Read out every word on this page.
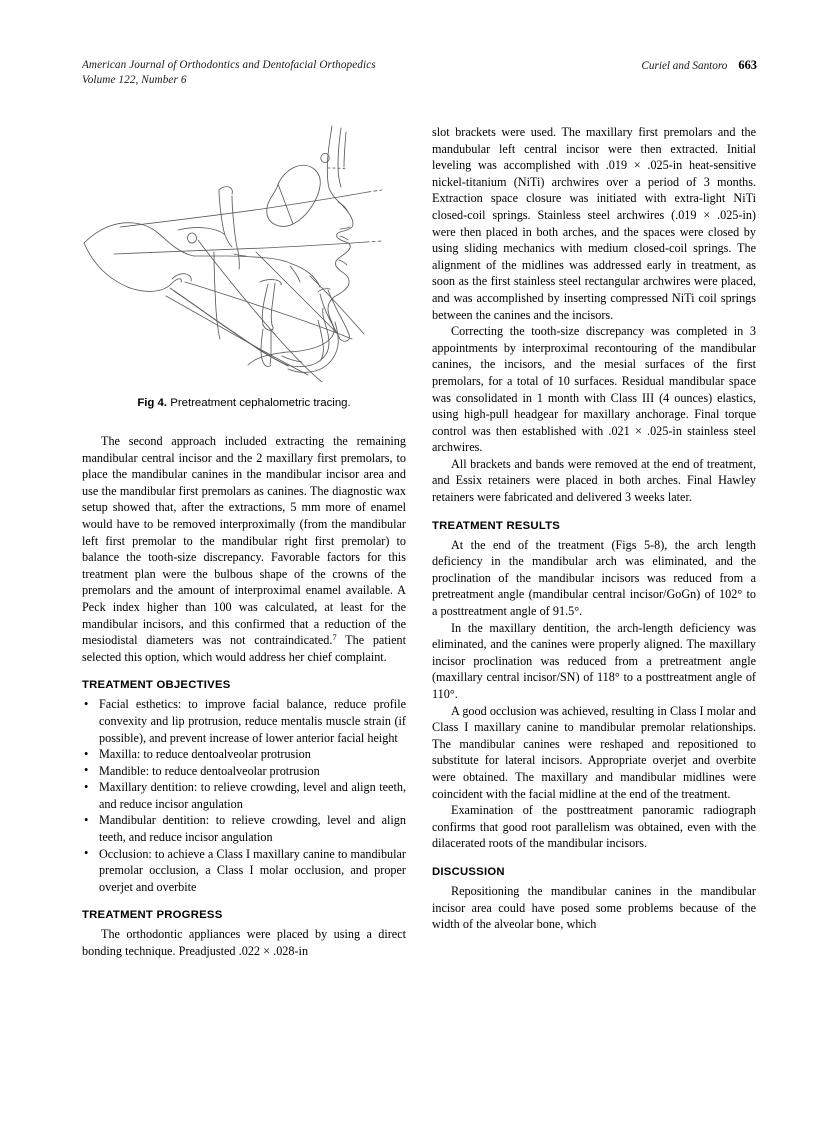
American Journal of Orthodontics and Dentofacial Orthopedics
Volume 122, Number 6
Curiel and Santoro 663
Fig 4. Pretreatment cephalometric tracing.

The second approach included extracting the remaining mandibular central incisor and the 2 maxillary first premolars, to place the mandibular canines in the mandibular incisor area and use the mandibular first premolars as canines. The diagnostic wax setup showed that, after the extractions, 5 mm more of enamel would have to be removed interproximally (from the mandibular left first premolar to the mandibular right first premolar) to balance the tooth-size discrepancy. Favorable factors for this treatment plan were the bulbous shape of the crowns of the premolars and the amount of interproximal enamel available. A Peck index higher than 100 was calculated, at least for the mandibular incisors, and this confirmed that a reduction of the mesiodistal diameters was not contraindicated.$^7$ The patient selected this option, which would address her chief complaint.

TREATMENT OBJECTIVES
• Facial esthetics: to improve facial balance, reduce profile convexity and lip protrusion, reduce mentalis muscle strain (if possible), and prevent increase of lower anterior facial height
• Maxilla: to reduce dentoalveolar protrusion
• Mandible: to reduce dentoalveolar protrusion
• Maxillary dentition: to relieve crowding, level and align teeth, and reduce incisor angulation
• Mandibular dentition: to relieve crowding, level and align teeth, and reduce incisor angulation
• Occlusion: to achieve a Class I maxillary canine to mandibular premolar occlusion, a Class I molar occlusion, and proper overjet and overbite
TREATMENT PROGRESS

The orthodontic appliances were placed by using a direct bonding technique. Preadjusted .022 × .028-in

slot brackets were used. The maxillary first premolars and the mandubular left central incisor were then extracted. Initial leveling was accomplished with .019 × .025-in heat-sensitive nickel-titanium (NiTi) archwires over a period of 3 months. Extraction space closure was initiated with extra-light NiTi closed-coil springs. Stainless steel archwires (.019 × .025-in) were then placed in both arches, and the spaces were closed by using sliding mechanics with medium closed-coil springs. The alignment of the midlines was addressed early in treatment, as soon as the first stainless steel rectangular archwires were placed, and was accomplished by inserting compressed NiTi coil springs between the canines and the incisors.

Correcting the tooth-size discrepancy was completed in 3 appointments by interproximal recontouring of the mandibular canines, the incisors, and the mesial surfaces of the first premolars, for a total of 10 surfaces. Residual mandibular space was consolidated in 1 month with Class III (4 ounces) elastics, using high-pull headgear for maxillary anchorage. Final torque control was then established with .021 × .025-in stainless steel archwires.

All brackets and bands were removed at the end of treatment, and Essix retainers were placed in both arches. Final Hawley retainers were fabricated and delivered 3 weeks later.

TREATMENT RESULTS

At the end of the treatment (Figs 5-8), the arch length deficiency in the mandibular arch was eliminated, and the proclination of the mandibular incisors was reduced from a pretreatment angle (mandibular central incisor/GoGn) of 102° to a posttreatment angle of 91.5°.

In the maxillary dentition, the arch-length deficiency was eliminated, and the canines were properly aligned. The maxillary incisor proclination was reduced from a pretreatment angle (maxillary central incisor/SN) of 118° to a posttreatment angle of 110°.

A good occlusion was achieved, resulting in Class I molar and Class I maxillary canine to mandibular premolar relationships. The mandibular canines were reshaped and repositioned to substitute for lateral incisors. Appropriate overjet and overbite were obtained. The maxillary and mandibular midlines were coincident with the facial midline at the end of the treatment.

Examination of the posttreatment panoramic radiograph confirms that good root parallelism was obtained, even with the dilacerated roots of the mandibular incisors.

DISCUSSION

Repositioning the mandibular canines in the mandibular incisor area could have posed some problems because of the width of the alveolar bone, which
